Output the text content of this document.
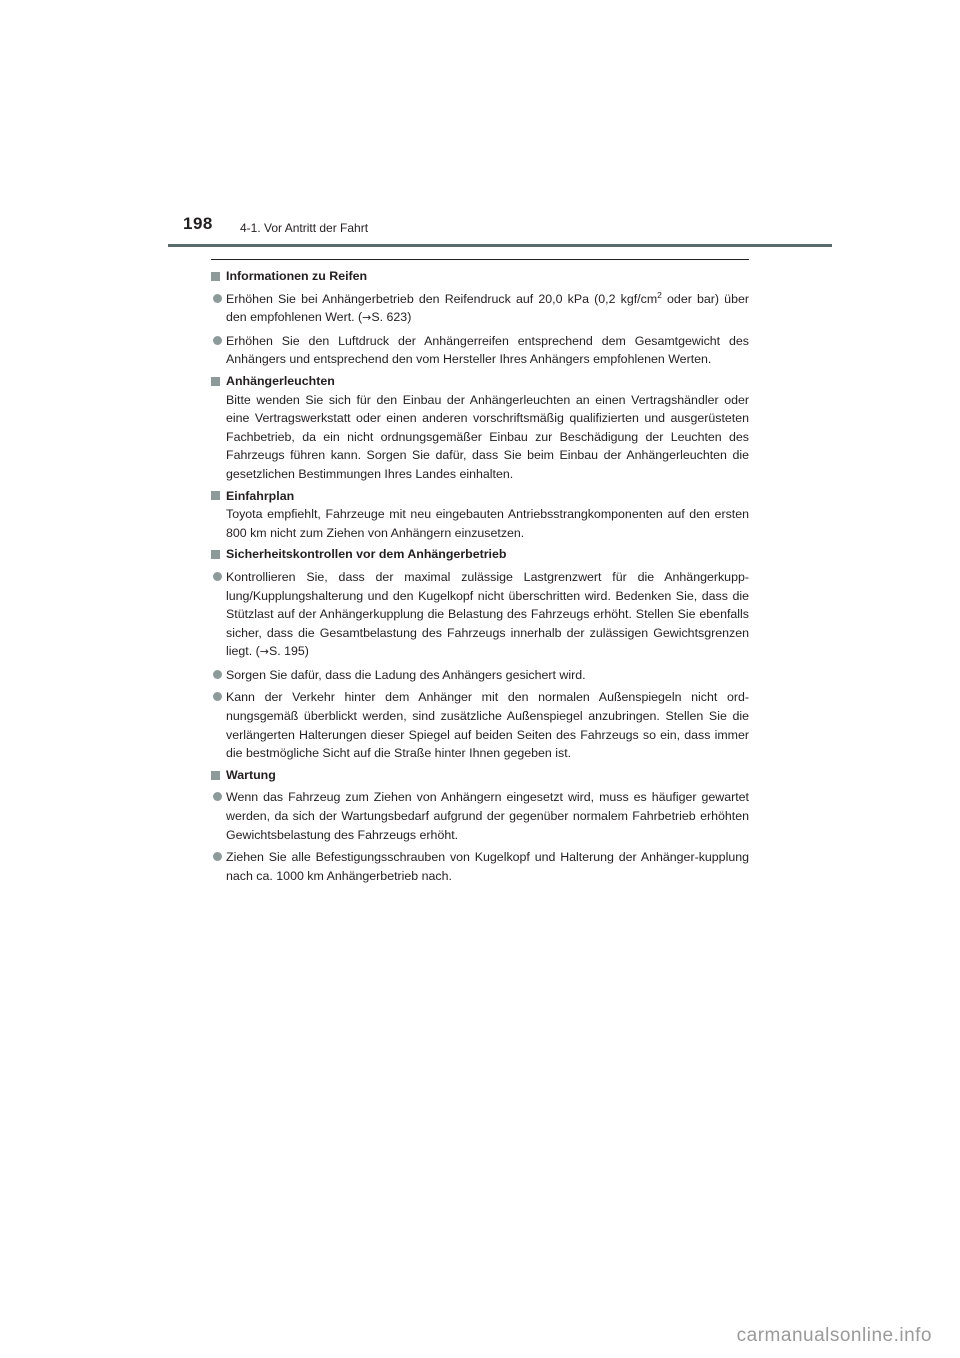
198 4-1. Vor Antritt der Fahrt
Informationen zu Reifen
Erhöhen Sie bei Anhängerbetrieb den Reifendruck auf 20,0 kPa (0,2 kgf/$cm^2$ oder bar) über den empfohlenen Wert. (→S. 623)
Erhöhen Sie den Luftdruck der Anhängerreifen entsprechend dem Gesamtgewicht des Anhängers und entsprechend den vom Hersteller Ihres Anhängers empfohlenen Werten.
Anhängerleuchten
Bitte wenden Sie sich für den Einbau der Anhängerleuchten an einen Vertragshändler oder eine Vertragswerkstatt oder einen anderen vorschriftsmäßig qualifizierten und ausgerüsteten Fachbetrieb, da ein nicht ordnungsgemäßer Einbau zur Beschädigung der Leuchten des Fahrzeugs führen kann. Sorgen Sie dafür, dass Sie beim Einbau der Anhängerleuchten die gesetzlichen Bestimmungen Ihres Landes einhalten.
Einfahrplan
Toyota empfiehlt, Fahrzeuge mit neu eingebauten Antriebsstrangkomponenten auf den ersten 800 km nicht zum Ziehen von Anhängern einzusetzen.
Sicherheitskontrollen vor dem Anhängerbetrieb
Kontrollieren Sie, dass der maximal zulässige Lastgrenzwert für die Anhängerkupp-lung/Kupplungshalterung und den Kugelkopf nicht überschritten wird. Bedenken Sie, dass die Stützlast auf der Anhängerkupplung die Belastung des Fahrzeugs erhöht. Stellen Sie ebenfalls sicher, dass die Gesamtbelastung des Fahrzeugs innerhalb der zulässigen Gewichtsgrenzen liegt. (→S. 195)
Sorgen Sie dafür, dass die Ladung des Anhängers gesichert wird.
Kann der Verkehr hinter dem Anhänger mit den normalen Außenspiegeln nicht ord-nungsgemäß überblickt werden, sind zusätzliche Außenspiegel anzubringen. Stellen Sie die verlängerten Halterungen dieser Spiegel auf beiden Seiten des Fahrzeugs so ein, dass immer die bestmögliche Sicht auf die Straße hinter Ihnen gegeben ist.
Wartung
Wenn das Fahrzeug zum Ziehen von Anhängern eingesetzt wird, muss es häufiger gewartet werden, da sich der Wartungsbedarf aufgrund der gegenüber normalem Fahrbetrieb erhöhten Gewichtsbelastung des Fahrzeugs erhöht.
Ziehen Sie alle Befestigungsschrauben von Kugelkopf und Halterung der Anhänger-kupplung nach ca. 1000 km Anhängerbetrieb nach.
carmanualsonline.info
